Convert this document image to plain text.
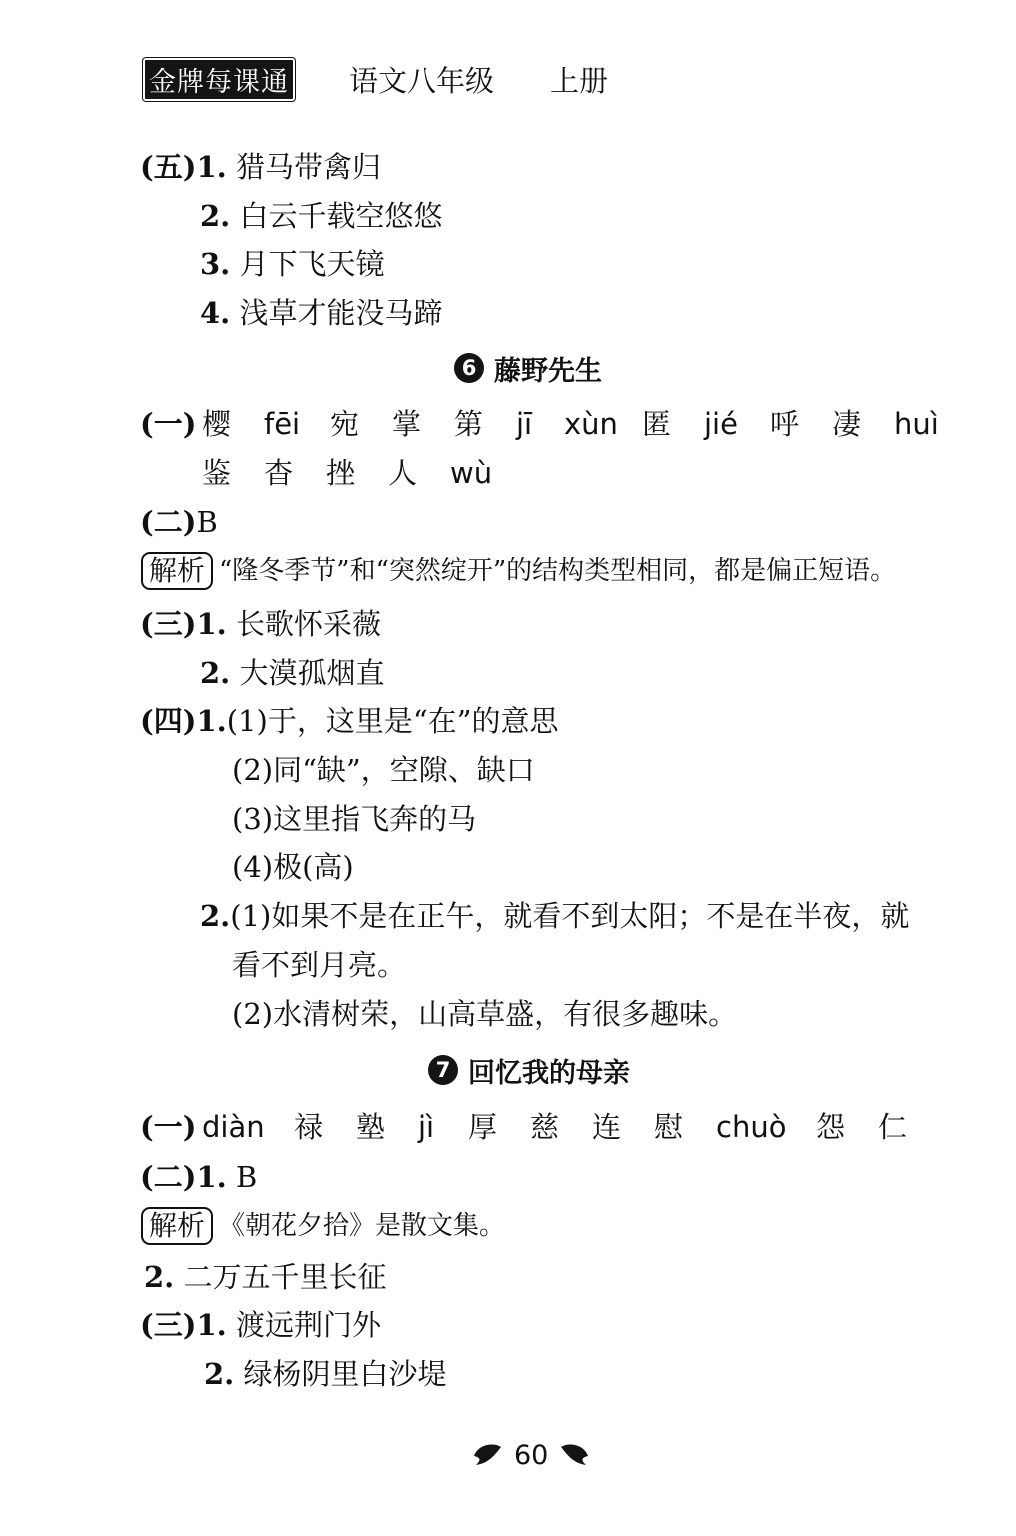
金牌每课通 语文八年级 上册
(五)1. 猎马带禽归
2. 白云千载空悠悠
3. 月下飞天镜
4. 浅草才能没马蹄
6 藤野先生
(一) 樱	fēi	宛	掌	第	jī	xùn 匿	jié	呼	凄	huì
鉴	杳	挫	人	wù
(二)B
解析 “隆冬季节”和“突然绽开”的结构类型相同，都是偏正短语。
(三)1. 长歌怀采薇
2. 大漠孤烟直
(四)1.(1)于，这里是“在”的意思
(2)同“缺”，空隙、缺口
(3)这里指飞奔的马
(4)极(高)
2.(1)如果不是在正午，就看不到太阳；不是在半夜，就
看不到月亮。
(2)水清树荣，山高草盛，有很多趣味。
7 回忆我的母亲
(一) diàn	禄	塾	jì	厚	慈	连	慰	chuò	怨	仁
(二)1. B
解析 《朝花夕拾》是散文集。
2. 二万五千里长征
(三)1. 渡远荆门外
2. 绿杨阴里白沙堤
60
